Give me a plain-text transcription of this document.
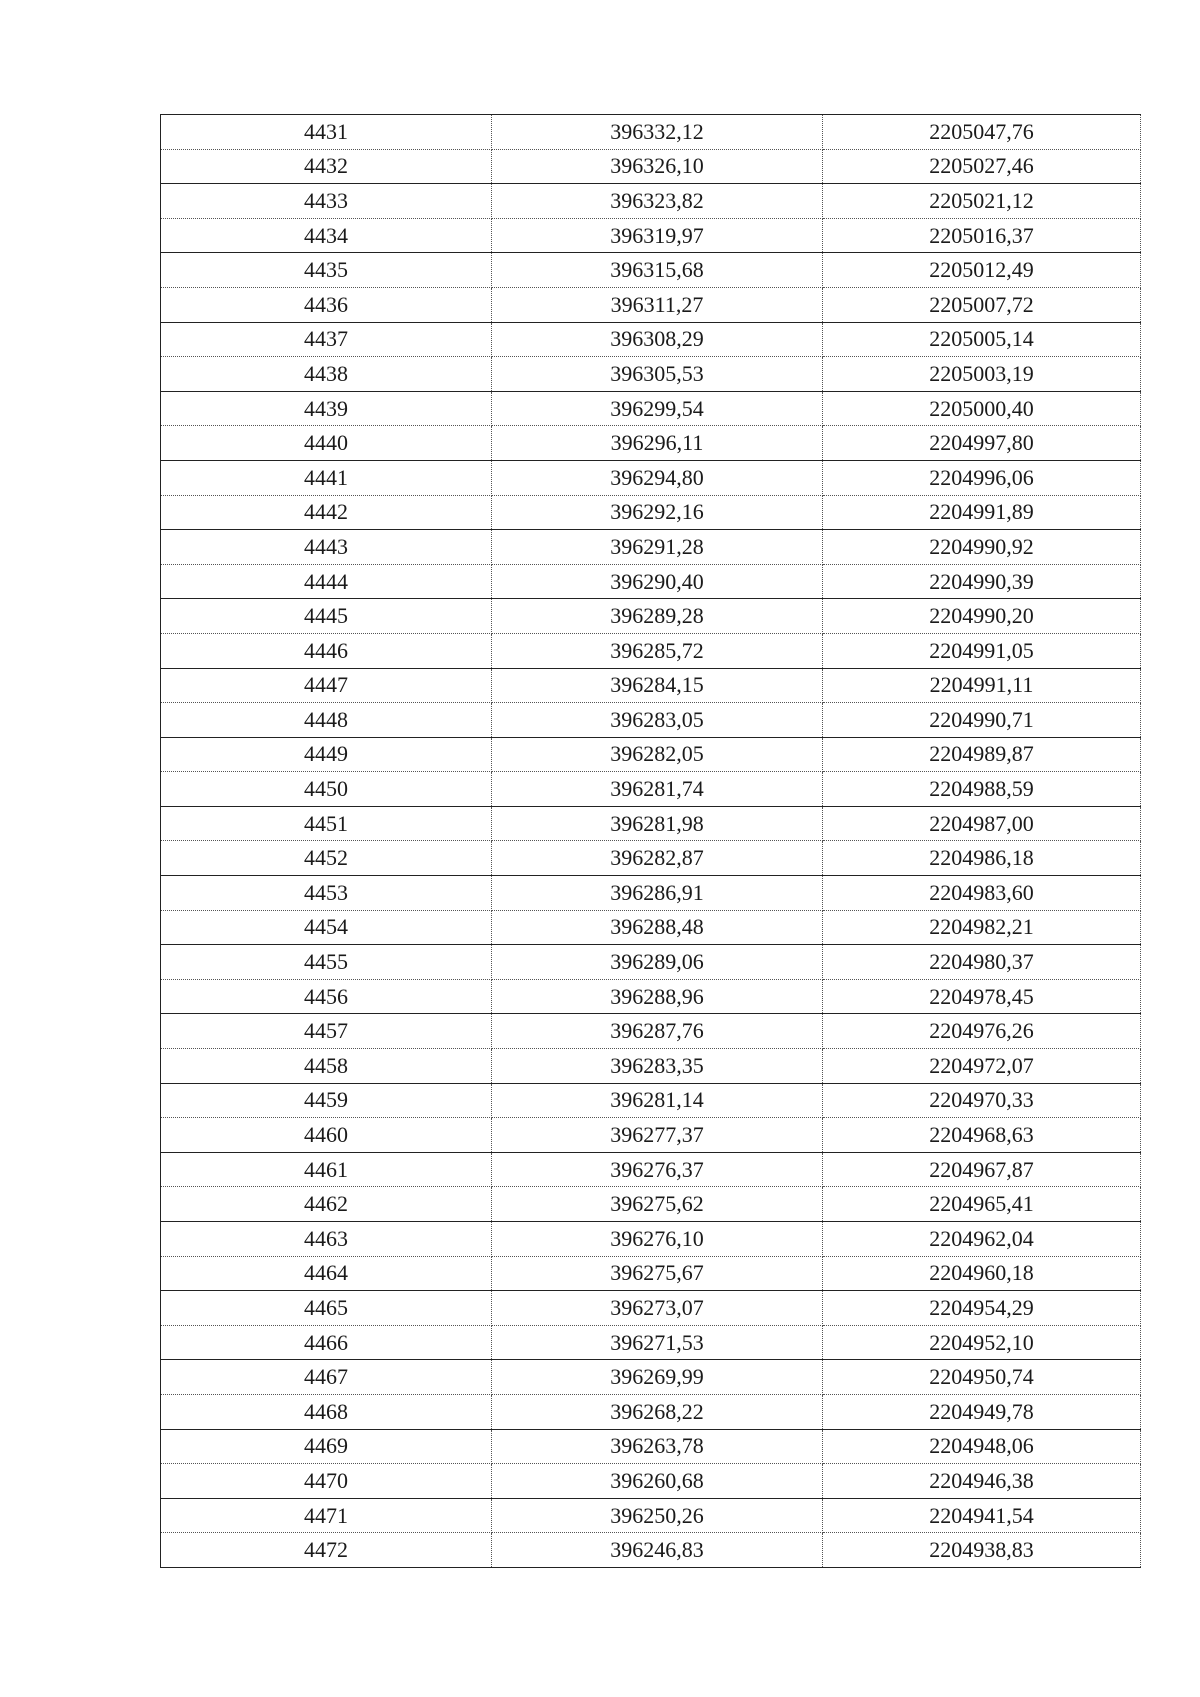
4431	396332,12	2205047,76
4432	396326,10	2205027,46
4433	396323,82	2205021,12
4434	396319,97	2205016,37
4435	396315,68	2205012,49
4436	396311,27	2205007,72
4437	396308,29	2205005,14
4438	396305,53	2205003,19
4439	396299,54	2205000,40
4440	396296,11	2204997,80
4441	396294,80	2204996,06
4442	396292,16	2204991,89
4443	396291,28	2204990,92
4444	396290,40	2204990,39
4445	396289,28	2204990,20
4446	396285,72	2204991,05
4447	396284,15	2204991,11
4448	396283,05	2204990,71
4449	396282,05	2204989,87
4450	396281,74	2204988,59
4451	396281,98	2204987,00
4452	396282,87	2204986,18
4453	396286,91	2204983,60
4454	396288,48	2204982,21
4455	396289,06	2204980,37
4456	396288,96	2204978,45
4457	396287,76	2204976,26
4458	396283,35	2204972,07
4459	396281,14	2204970,33
4460	396277,37	2204968,63
4461	396276,37	2204967,87
4462	396275,62	2204965,41
4463	396276,10	2204962,04
4464	396275,67	2204960,18
4465	396273,07	2204954,29
4466	396271,53	2204952,10
4467	396269,99	2204950,74
4468	396268,22	2204949,78
4469	396263,78	2204948,06
4470	396260,68	2204946,38
4471	396250,26	2204941,54
4472	396246,83	2204938,83
